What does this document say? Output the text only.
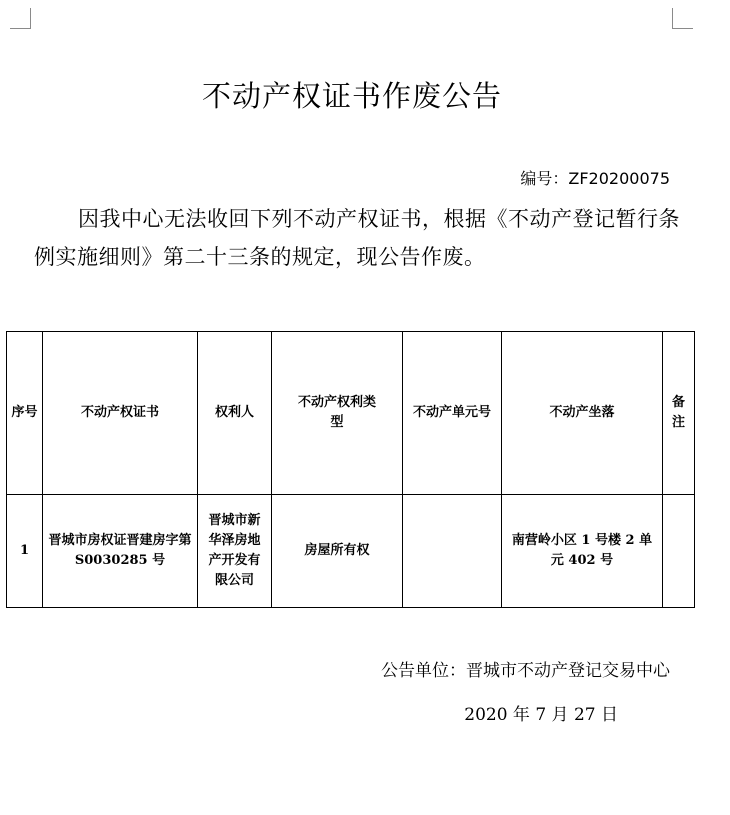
不动产权证书作废公告
编号：ZF20200075
因我中心无法收回下列不动产权证书，根据《不动产登记暂行条例实施细则》第二十三条的规定，现公告作废。
序号	不动产权证书	权利人	不动产权利类型	不动产单元号	不动产坐落	备注
1	晋城市房权证晋建房字第 S0030285 号	晋城市新华泽房地产开发有限公司	房屋所有权		南营岭小区 1 号楼 2 单元 402 号	

公告单位：晋城市不动产登记交易中心
2020 年 7 月 27 日
